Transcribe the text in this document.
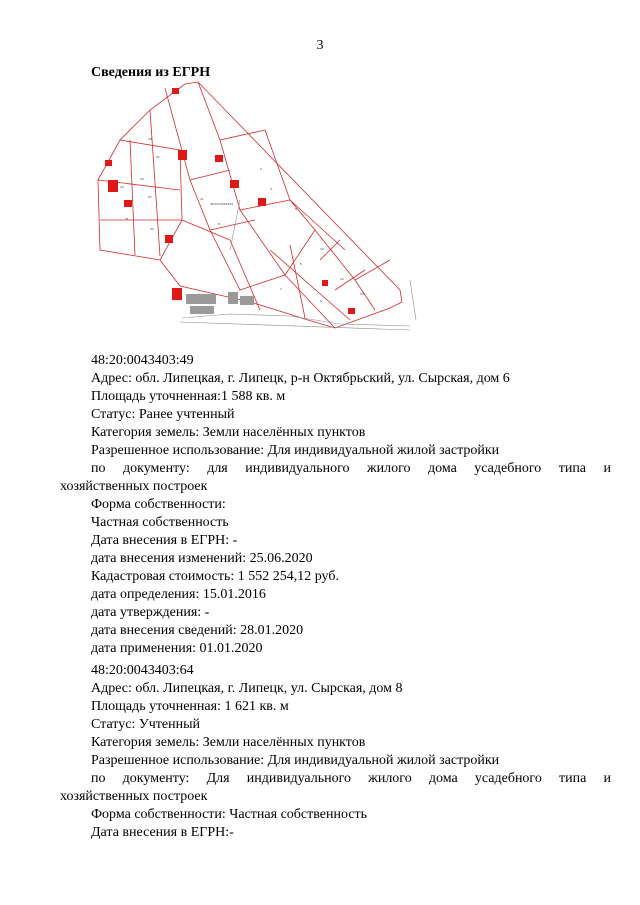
3
Сведения из ЕГРН
19
21
23
12
27
31
33
11
8
2
4
6
10
12
14
5
7
9
48:20:0043403
48:20:0043403:49
Адрес: обл. Липецкая, г. Липецк, р-н Октябрьский, ул. Сырская, дом 6
Площадь уточненная:1 588 кв. м
Статус: Ранее учтенный
Категория земель: Земли населённых пунктов
Разрешенное использование: Для индивидуальной жилой застройки
по документу: для индивидуального жилого дома усадебного типа и
хозяйственных построек
Форма собственности:
Частная собственность
Дата внесения в ЕГРН: -
дата внесения изменений: 25.06.2020
Кадастровая стоимость: 1 552 254,12 руб.
дата определения: 15.01.2016
дата утверждения: -
дата внесения сведений: 28.01.2020
дата применения: 01.01.2020
48:20:0043403:64
Адрес: обл. Липецкая, г. Липецк, ул. Сырская, дом 8
Площадь уточненная: 1 621 кв. м
Статус: Учтенный
Категория земель: Земли населённых пунктов
Разрешенное использование: Для индивидуальной жилой застройки
по документу: Для индивидуального жилого дома усадебного типа и
хозяйственных построек
Форма собственности: Частная собственность
Дата внесения в ЕГРН:-
